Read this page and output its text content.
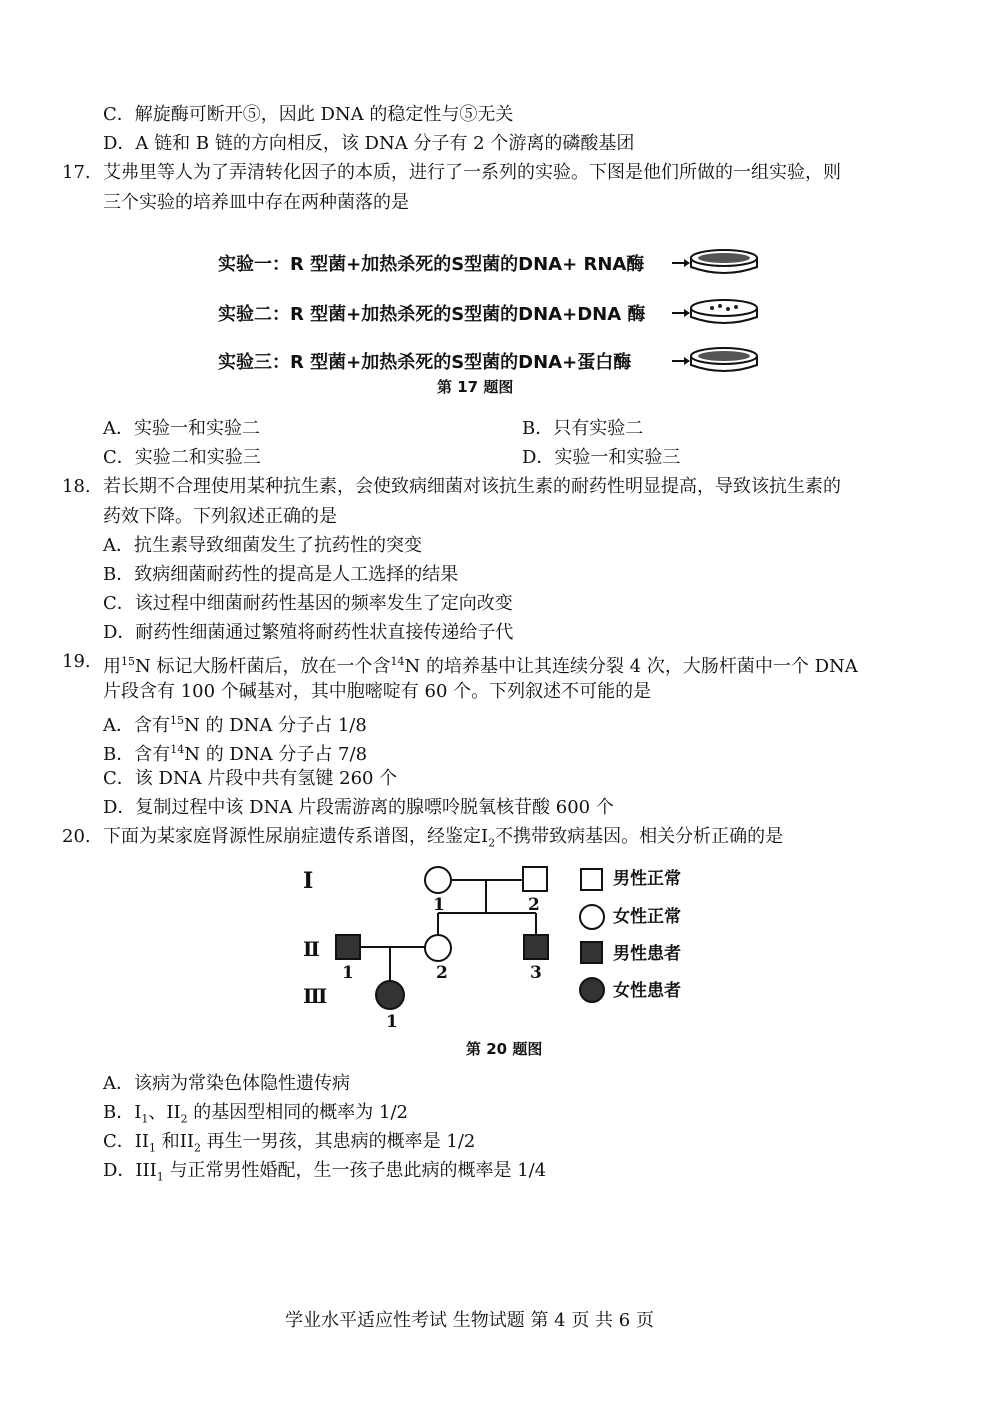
C．解旋酶可断开⑤，因此 DNA 的稳定性与⑤无关
D．A 链和 B 链的方向相反，该 DNA 分子有 2 个游离的磷酸基团
17. 艾弗里等人为了弄清转化因子的本质，进行了一系列的实验。下图是他们所做的一组实验，则
三个实验的培养皿中存在两种菌落的是
实验一：R 型菌+加热杀死的S型菌的DNA+ RNA酶
实验二：R 型菌+加热杀死的S型菌的DNA+DNA 酶
实验三：R 型菌+加热杀死的S型菌的DNA+蛋白酶
第 17 题图
A．实验一和实验二	B．只有实验二
C．实验二和实验三	D．实验一和实验三
18. 若长期不合理使用某种抗生素，会使致病细菌对该抗生素的耐药性明显提高，导致该抗生素的
药效下降。下列叙述正确的是
A．抗生素导致细菌发生了抗药性的突变
B．致病细菌耐药性的提高是人工选择的结果
C．该过程中细菌耐药性基因的频率发生了定向改变
D．耐药性细菌通过繁殖将耐药性状直接传递给子代
19. 用$^{15}$N 标记大肠杆菌后，放在一个含$^{14}$N 的培养基中让其连续分裂 4 次，大肠杆菌中一个 DNA
片段含有 100 个碱基对，其中胞嘧啶有 60 个。下列叙述不可能的是
A．含有$^{15}$N 的 DNA 分子占 1/8
B．含有$^{14}$N 的 DNA 分子占 7/8
C．该 DNA 片段中共有氢键 260 个
D．复制过程中该 DNA 片段需游离的腺嘌呤脱氧核苷酸 600 个
20. 下面为某家庭肾源性尿崩症遗传系谱图，经鉴定$I_2$不携带致病基因。相关分析正确的是
I
Ⅱ
Ⅲ
1	2
1	2	3
1
男性正常
女性正常
男性患者
女性患者
第 20 题图
A．该病为常染色体隐性遗传病
B．$I_1$、$II_2$ 的基因型相同的概率为 1/2
C．$II_1$ 和$II_2$ 再生一男孩，其患病的概率是 1/2
D．$III_1$ 与正常男性婚配，生一孩子患此病的概率是 1/4
学业水平适应性考试 生物试题 第 4 页 共 6 页
